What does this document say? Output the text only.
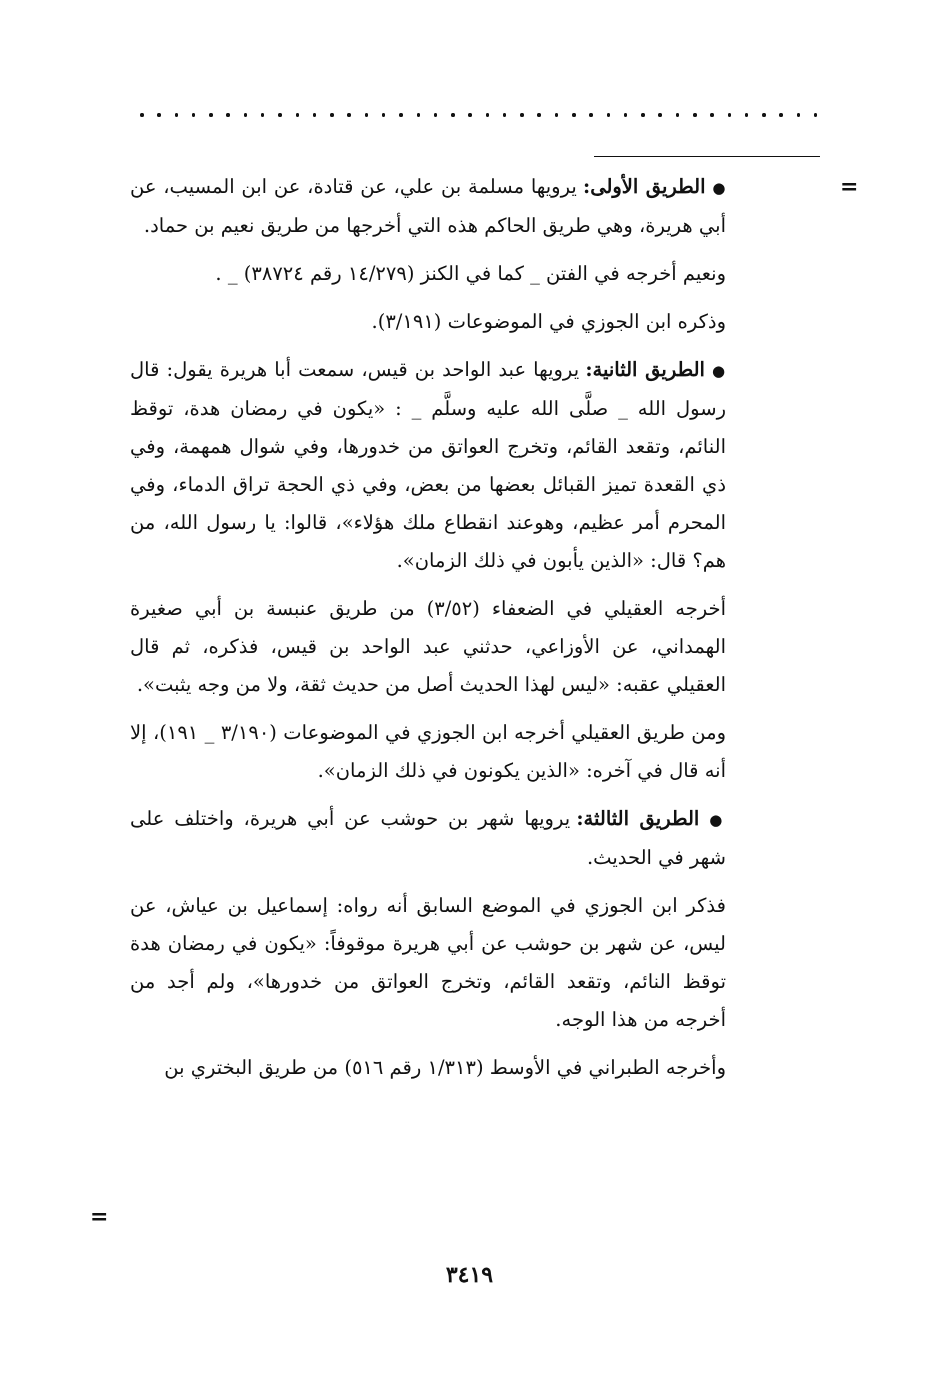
=
=

● الطريق الأولى: يرويها مسلمة بن علي، عن قتادة، عن ابن المسيب، عن أبي هريرة، وهي طريق الحاكم هذه التي أخرجها من طريق نعيم بن حماد.

ونعيم أخرجه في الفتن _ كما في الكنز (١٤/٢٧٩ رقم ٣٨٧٢٤) _ .

وذكره ابن الجوزي في الموضوعات (٣/١٩١).

● الطريق الثانية: يرويها عبد الواحد بن قيس، سمعت أبا هريرة يقول: قال رسول الله _ صلَّى الله عليه وسلَّم _ : «يكون في رمضان هدة، توقظ النائم، وتقعد القائم، وتخرج العواتق من خدورها، وفي شوال همهمة، وفي ذي القعدة تميز القبائل بعضها من بعض، وفي ذي الحجة تراق الدماء، وفي المحرم أمر عظيم، وهوعند انقطاع ملك هؤلاء»، قالوا: يا رسول الله، من هم؟ قال: «الذين يأبون في ذلك الزمان».

أخرجه العقيلي في الضعفاء (٣/٥٢) من طريق عنبسة بن أبي صغيرة الهمداني، عن الأوزاعي، حدثني عبد الواحد بن قيس، فذكره، ثم قال العقيلي عقبه: «ليس لهذا الحديث أصل من حديث ثقة، ولا من وجه يثبت».

ومن طريق العقيلي أخرجه ابن الجوزي في الموضوعات (٣/١٩٠ _ ١٩١)، إلا أنه قال في آخره: «الذين يكونون في ذلك الزمان».

● الطريق الثالثة: يرويها شهر بن حوشب عن أبي هريرة، واختلف على شهر في الحديث.

فذكر ابن الجوزي في الموضع السابق أنه رواه: إسماعيل بن عياش، عن ليس، عن شهر بن حوشب عن أبي هريرة موقوفاً: «يكون في رمضان هدة توقظ النائم، وتقعد القائم، وتخرج العواتق من خدورها»، ولم أجد من أخرجه من هذا الوجه.

وأخرجه الطبراني في الأوسط (١/٣١٣ رقم ٥١٦) من طريق البختري بن

٣٤١٩
